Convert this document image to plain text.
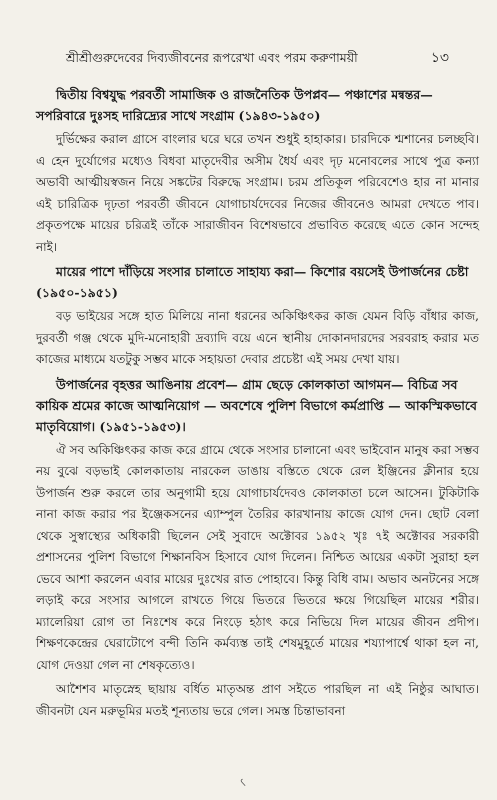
শ্রীশ্রীগুরুদেবের দিব্যজীবনের রূপরেখা এবং পরম করুণাময়ী	১৩

দ্বিতীয় বিশ্বযুদ্ধ পরবর্তী সামাজিক ও রাজনৈতিক উপপ্লব— পঞ্চাশের মন্বন্তর— সপরিবারে দুঃসহ দারিদ্র্যের সাথে সংগ্রাম (১৯৪৩-১৯৫০)

দুর্ভিক্ষের করাল গ্রাসে বাংলার ঘরে ঘরে তখন শুধুই হাহাকার। চারদিকে শ্মশানের চলচ্ছবি। এ হেন দুর্যোগের মধ্যেও বিধবা মাতৃদেবীর অসীম ধৈর্য এবং দৃঢ় মনোবলের সাথে পুত্র কন্যা অভাবী আত্মীয়স্বজন নিয়ে সঙ্কটের বিরুদ্ধে সংগ্রাম। চরম প্রতিকূল পরিবেশেও হার না মানার এই চারিত্রিক দৃঢ়তা পরবর্তী জীবনে যোগাচার্যদেবের নিজের জীবনেও আমরা দেখতে পাব। প্রকৃতপক্ষে মায়ের চরিত্রই তাঁকে সারাজীবন বিশেষভাবে প্রভাবিত করেছে এতে কোন সন্দেহ নাই।

মায়ের পাশে দাঁড়িয়ে সংসার চালাতে সাহায্য করা— কিশোর বয়সেই উপার্জনের চেষ্টা (১৯৫০-১৯৫১)

বড় ভাইয়ের সঙ্গে হাত মিলিয়ে নানা ধরনের অকিঞ্চিৎকর কাজ যেমন বিড়ি বাঁধার কাজ, দুরবর্তী গঞ্জ থেকে মুদি-মনোহারী দ্রব্যাদি বয়ে এনে স্থানীয় দোকানদারদের সরবরাহ করার মত কাজের মাধ্যমে যতটুকু সম্ভব মাকে সহায়তা দেবার প্রচেষ্টা এই সময় দেখা যায়।

উপার্জনের বৃহত্তর আঙিনায় প্রবেশ— গ্রাম ছেড়ে কোলকাতা আগমন— বিচিত্র সব কায়িক শ্রমের কাজে আত্মনিয়োগ — অবশেষে পুলিশ বিভাগে কর্মপ্রাপ্তি — আকস্মিকভাবে মাতৃবিয়োগ। (১৯৫১-১৯৫৩)।

ঐ সব অকিঞ্চিৎকর কাজ করে গ্রামে থেকে সংসার চালানো এবং ভাইবোন মানুষ করা সম্ভব নয় বুঝে বড়ভাই কোলকাতায় নারকেল ডাঙায় বস্তিতে থেকে রেল ইঞ্জিনের ক্লীনার হয়ে উপার্জন শুরু করলে তার অনুগামী হয়ে যোগাচার্যদেবও কোলকাতা চলে আসেন। টুকিটাকি নানা কাজ করার পর ইঞ্জেকসনের এ্যাম্পুল তৈরির কারখানায় কাজে যোগ দেন। ছোট বেলা থেকে সুস্বাস্থ্যের অধিকারী ছিলেন সেই সুবাদে অক্টোবর ১৯৫২ খৃঃ ৭ই অক্টোবর সরকারী প্রশাসনের পুলিশ বিভাগে শিক্ষানবিস হিসাবে যোগ দিলেন। নিশ্চিত আয়ের একটা সুরাহা হল ভেবে আশা করলেন এবার মায়ের দুঃখের রাত পোহাবে। কিন্তু বিধি বাম। অভাব অনটনের সঙ্গে লড়াই করে সংসার আগলে রাখতে গিয়ে ভিতরে ভিতরে ক্ষয়ে গিয়েছিল মায়ের শরীর। ম্যালেরিয়া রোগ তা নিঃশেষ করে নিংড়ে হঠাৎ করে নিভিয়ে দিল মায়ের জীবন প্রদীপ। শিক্ষণকেন্দ্রের ঘেরাটোপে বন্দী তিনি কর্মব্যস্ত তাই শেষমুহূর্তে মায়ের শয্যাপার্শ্বে থাকা হল না, যোগ দেওয়া গেল না শেষকৃত্যেও।

আশৈশব মাতৃস্নেহ ছায়ায় বর্ধিত মাতৃঅন্ত প্রাণ সইতে পারছিল না এই নিষ্ঠুর আঘাত। জীবনটা যেন মরুভূমির মতই শূন্যতায় ভরে গেল। সমস্ত চিন্তাভাবনা

৻
